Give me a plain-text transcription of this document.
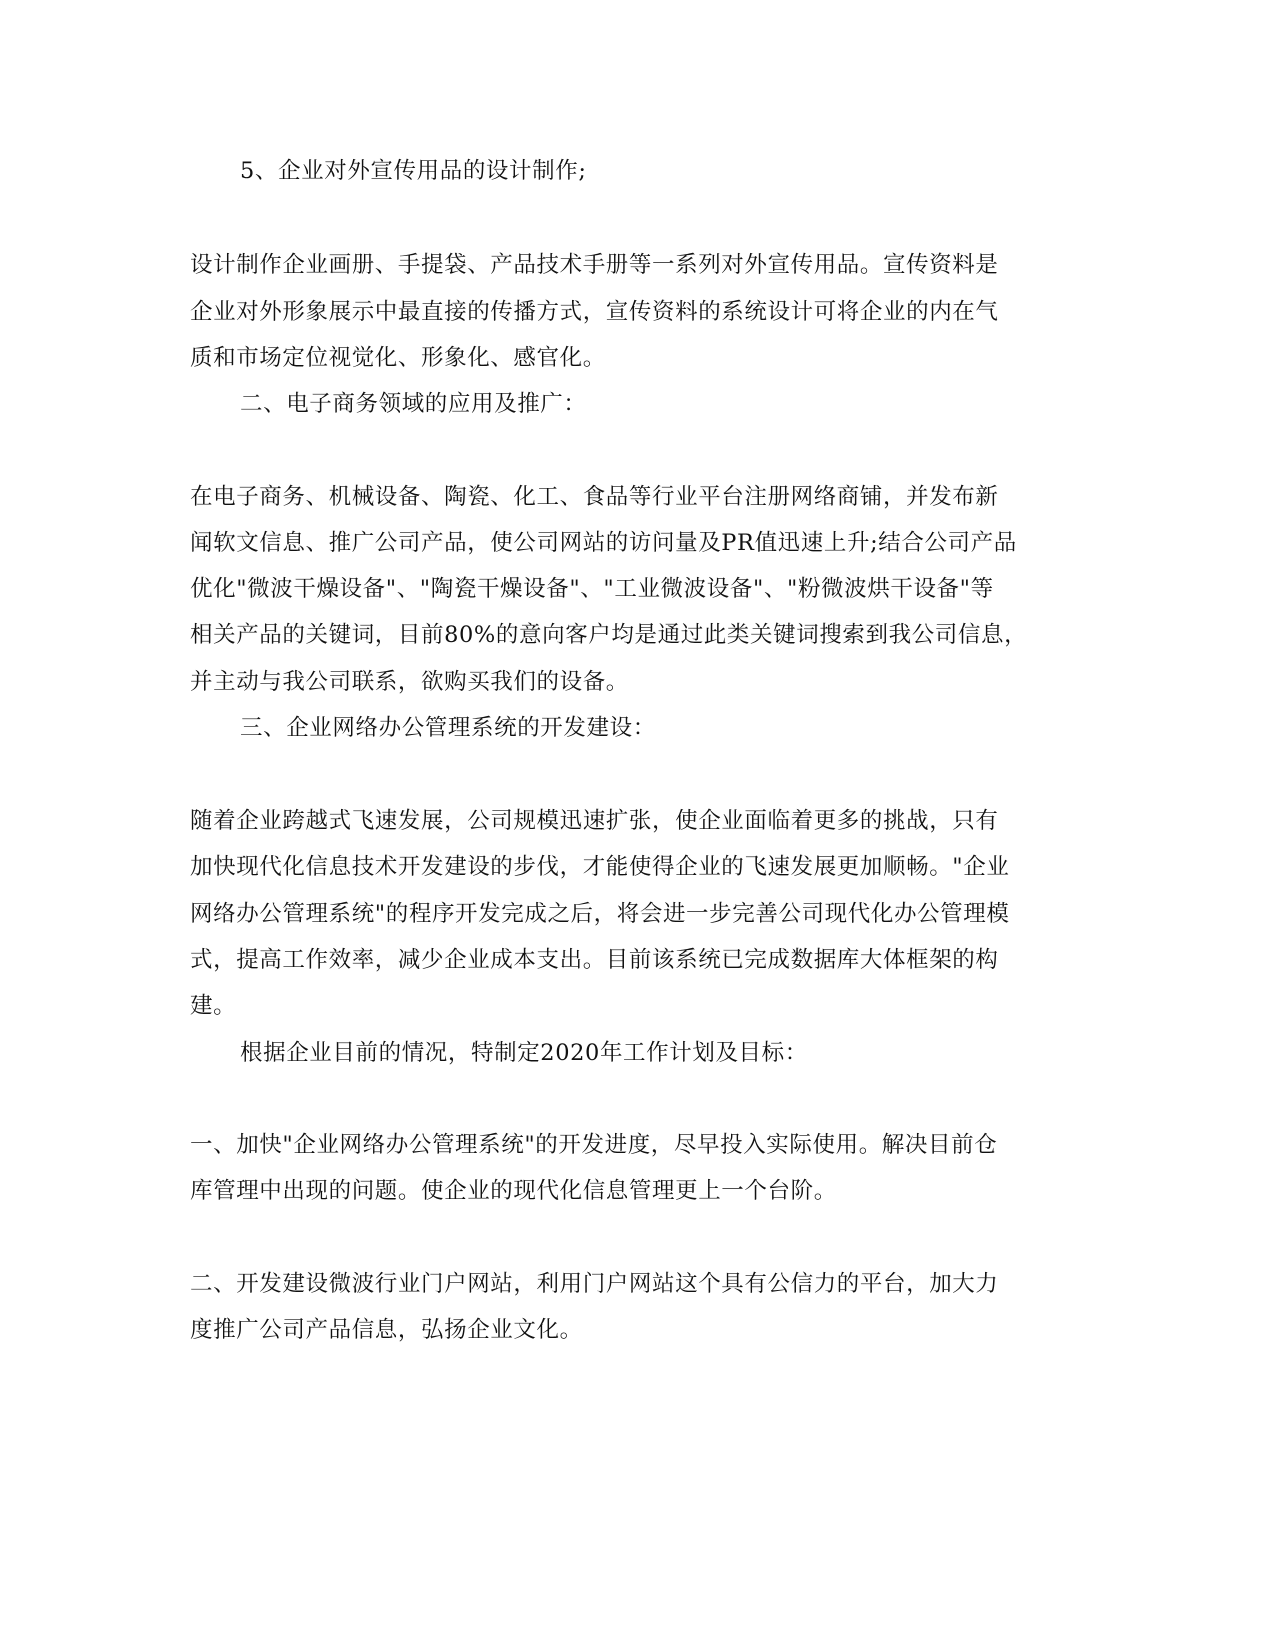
5、企业对外宣传用品的设计制作;
设计制作企业画册、手提袋、产品技术手册等一系列对外宣传用品。宣传资料是
企业对外形象展示中最直接的传播方式，宣传资料的系统设计可将企业的内在气
质和市场定位视觉化、形象化、感官化。
二、电子商务领域的应用及推广：
在电子商务、机械设备、陶瓷、化工、食品等行业平台注册网络商铺，并发布新
闻软文信息、推广公司产品，使公司网站的访问量及PR值迅速上升;结合公司产品
优化"微波干燥设备"、"陶瓷干燥设备"、"工业微波设备"、"粉微波烘干设备"等
相关产品的关键词，目前80%的意向客户均是通过此类关键词搜索到我公司信息，
并主动与我公司联系，欲购买我们的设备。
三、企业网络办公管理系统的开发建设：
随着企业跨越式飞速发展，公司规模迅速扩张，使企业面临着更多的挑战，只有
加快现代化信息技术开发建设的步伐，才能使得企业的飞速发展更加顺畅。"企业
网络办公管理系统"的程序开发完成之后，将会进一步完善公司现代化办公管理模
式，提高工作效率，减少企业成本支出。目前该系统已完成数据库大体框架的构
建。
根据企业目前的情况，特制定2020年工作计划及目标：
一、加快"企业网络办公管理系统"的开发进度，尽早投入实际使用。解决目前仓
库管理中出现的问题。使企业的现代化信息管理更上一个台阶。
二、开发建设微波行业门户网站，利用门户网站这个具有公信力的平台，加大力
度推广公司产品信息，弘扬企业文化。
